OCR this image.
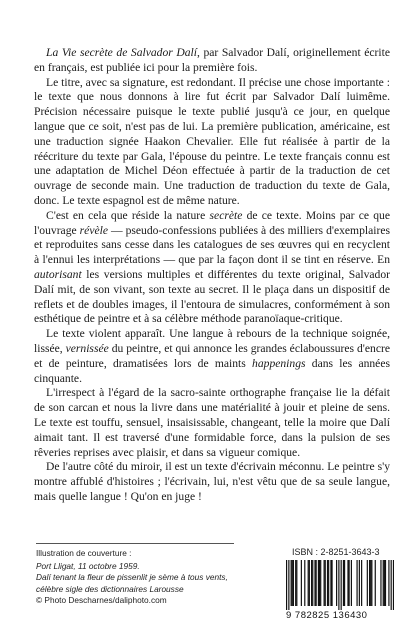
La Vie secrète de Salvador Dalí, par Salvador Dalí, originellement écrite en français, est publiée ici pour la première fois.

Le titre, avec sa signature, est redondant. Il précise une chose importante : le texte que nous donnons à lire fut écrit par Salvador Dalí luimême. Précision nécessaire puisque le texte publié jusqu'à ce jour, en quelque langue que ce soit, n'est pas de lui. La première publication, américaine, est une traduction signée Haakon Chevalier. Elle fut réalisée à partir de la réécriture du texte par Gala, l'épouse du peintre. Le texte français connu est une adaptation de Michel Déon effectuée à partir de la traduction de cet ouvrage de seconde main. Une traduction de traduction du texte de Gala, donc. Le texte espagnol est de même nature.

C'est en cela que réside la nature secrète de ce texte. Moins par ce que l'ouvrage révèle — pseudo-confessions publiées à des milliers d'exemplaires et reproduites sans cesse dans les catalogues de ses œuvres qui en recyclent à l'ennui les interprétations — que par la façon dont il se tint en réserve. En autorisant les versions multiples et différentes du texte original, Salvador Dalí mit, de son vivant, son texte au secret. Il le plaça dans un dispositif de reflets et de doubles images, il l'entoura de simulacres, conformément à son esthétique de peintre et à sa célèbre méthode paranoïaque-critique.

Le texte violent apparaît. Une langue à rebours de la technique soignée, lissée, vernissée du peintre, et qui annonce les grandes éclaboussures d'encre et de peinture, dramatisées lors de maints happenings dans les années cinquante.

L'irrespect à l'égard de la sacro-sainte orthographe française lie la défait de son carcan et nous la livre dans une matérialité à jouir et pleine de sens. Le texte est touffu, sensuel, insaisissable, changeant, telle la moire que Dalí aimait tant. Il est traversé d'une formidable force, dans la pulsion de ses rêveries reprises avec plaisir, et dans sa vigueur comique.

De l'autre côté du miroir, il est un texte d'écrivain méconnu. Le peintre s'y montre affublé d'histoires ; l'écrivain, lui, n'est vêtu que de sa seule langue, mais quelle langue ! Qu'on en juge !

Illustration de couverture :
Port Lligat, 11 octobre 1959.
Dalí tenant la fleur de pissenlit je sème à tous vents,
célèbre sigle des dictionnaires Larousse
© Photo Descharnes/daliphoto.com
ISBN : 2-8251-3643-3
9 782825 136430
